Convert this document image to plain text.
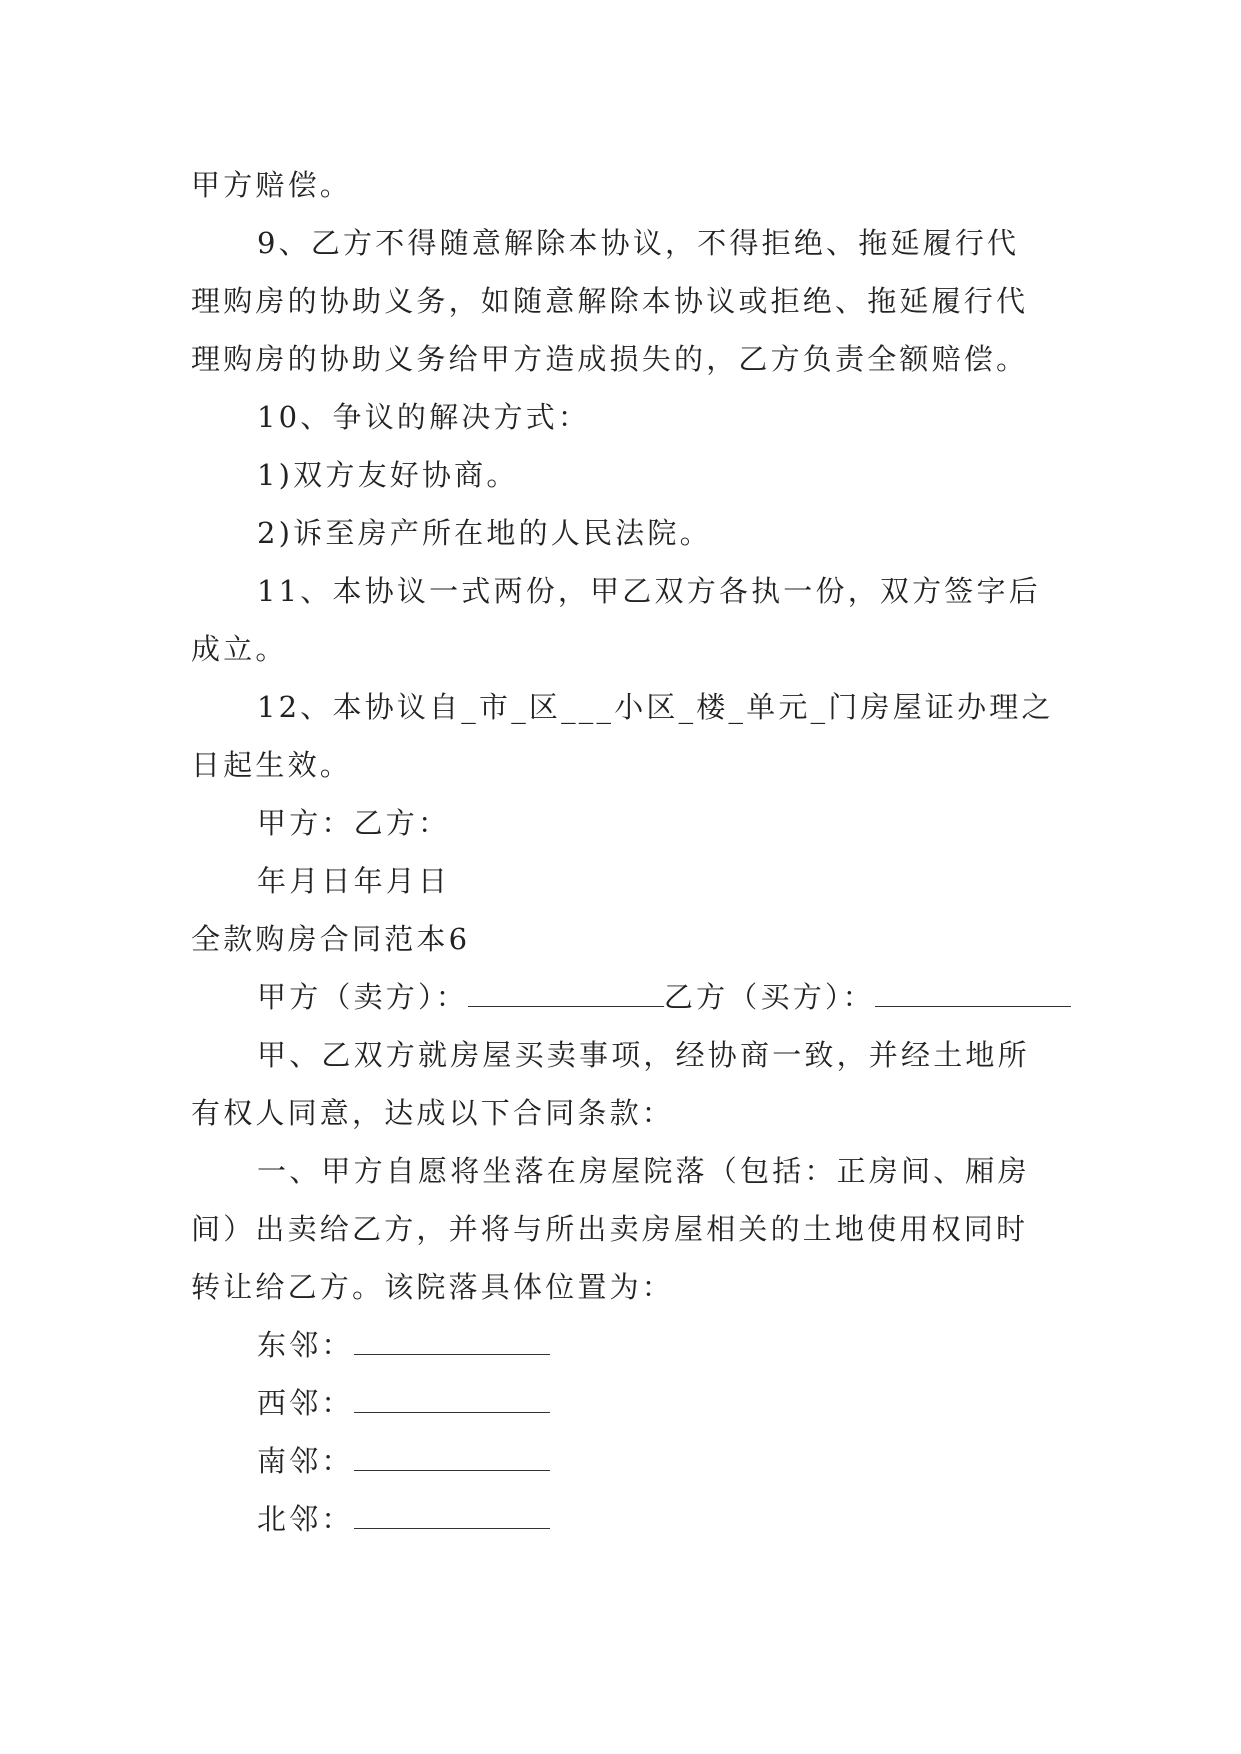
甲方赔偿。

9、乙方不得随意解除本协议，不得拒绝、拖延履行代

理购房的协助义务，如随意解除本协议或拒绝、拖延履行代

理购房的协助义务给甲方造成损失的，乙方负责全额赔偿。

10、争议的解决方式：

1)双方友好协商。

2)诉至房产所在地的人民法院。

11、本协议一式两份，甲乙双方各执一份，双方签字后

成立。

12、本协议自_市_区___小区_楼_单元_门房屋证办理之

日起生效。

甲方：乙方：

年月日年月日

全款购房合同范本6

甲方（卖方）：	乙方（买方）：

甲、乙双方就房屋买卖事项，经协商一致，并经土地所

有权人同意，达成以下合同条款：

一、甲方自愿将坐落在房屋院落（包括：正房间、厢房

间）出卖给乙方，并将与所出卖房屋相关的土地使用权同时

转让给乙方。该院落具体位置为：

东邻：

西邻：

南邻：

北邻：
